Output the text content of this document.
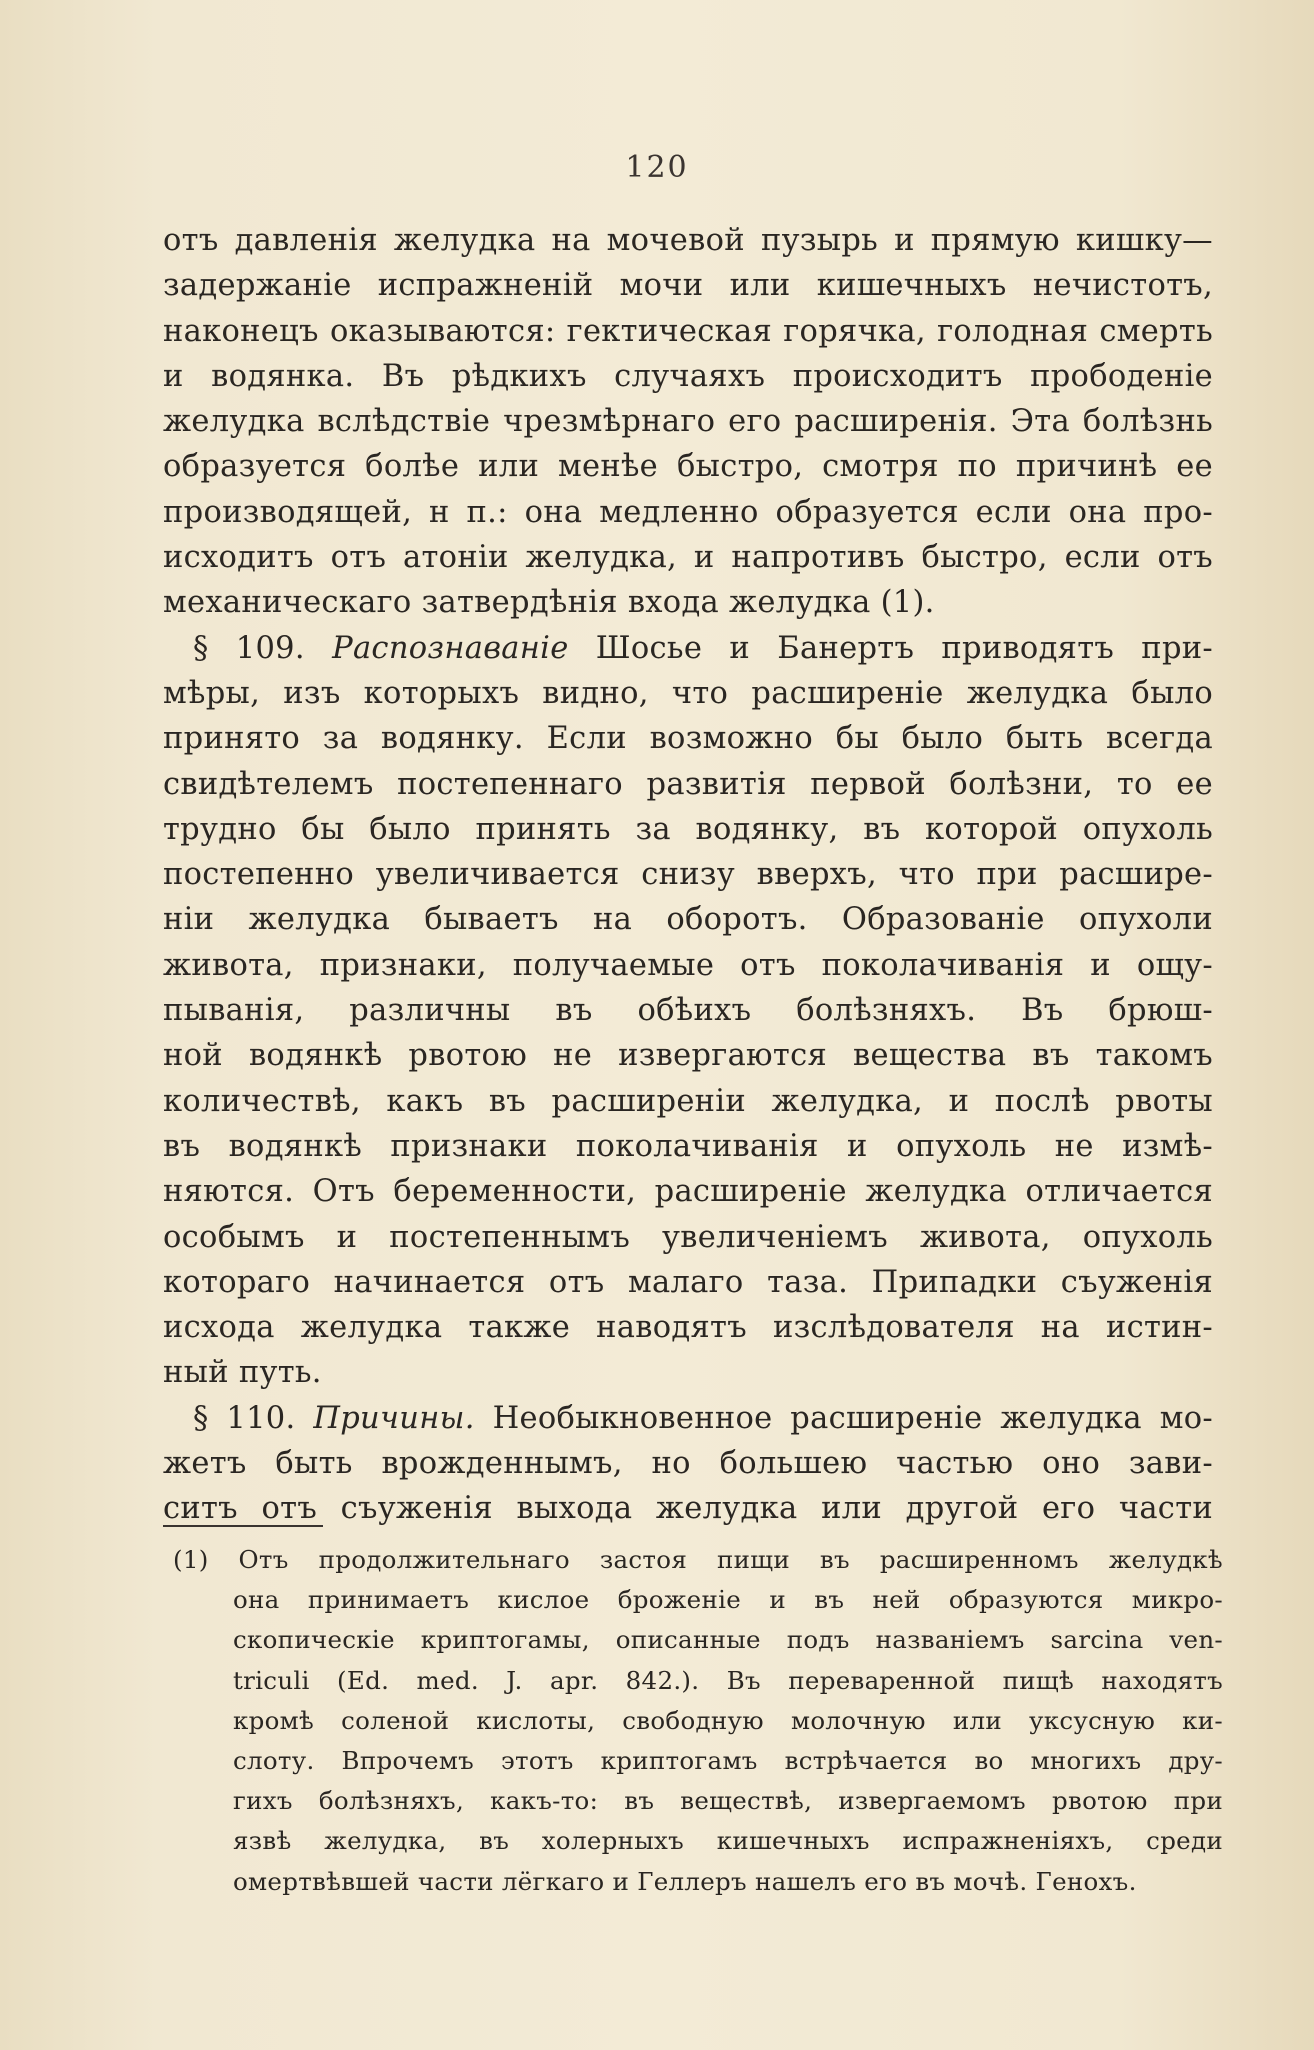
120
отъ давленія желудка на мочевой пузырь и прямую кишку—
задержаніе испражненій мочи или кишечныхъ нечистотъ,
наконецъ оказываются: гектическая горячка, голодная смерть
и водянка. Въ рѣдкихъ случаяхъ происходитъ прободеніе
желудка вслѣдствіе чрезмѣрнаго его расширенія. Эта болѣзнь
образуется болѣе или менѣе быстро, смотря по причинѣ ее
производящей, н п.: она медленно образуется если она про-
исходитъ отъ атоніи желудка, и напротивъ быстро, если отъ
механическаго затвердѣнія входа желудка (1).
§ 109. Распознаваніе Шосье и Банертъ приводятъ при-
мѣры, изъ которыхъ видно, что расширеніе желудка было
принято за водянку. Если возможно бы было быть всегда
свидѣтелемъ постепеннаго развитія первой болѣзни, то ее
трудно бы было принять за водянку, въ которой опухоль
постепенно увеличивается снизу вверхъ, что при расшире-
ніи желудка бываетъ на оборотъ. Образованіе опухоли
живота, признаки, получаемые отъ поколачиванія и ощу-
пыванія, различны въ обѣихъ болѣзняхъ. Въ брюш-
ной водянкѣ рвотою не извергаются вещества въ такомъ
количествѣ, какъ въ расширеніи желудка, и послѣ рвоты
въ водянкѣ признаки поколачиванія и опухоль не измѣ-
няются. Отъ беременности, расширеніе желудка отличается
особымъ и постепеннымъ увеличеніемъ живота, опухоль
котораго начинается отъ малаго таза. Припадки съуженія
исхода желудка также наводятъ изслѣдователя на истин-
ный путь.
§ 110. Причины. Необыкновенное расширеніе желудка мо-
жетъ быть врожденнымъ, но большею частью оно зави-
ситъ отъ съуженія выхода желудка или другой его части
(1) Отъ продолжительнаго застоя пищи въ расширенномъ желудкѣ
она принимаетъ кислое броженіе и въ ней образуются микро-
скопическіе криптогамы, описанные подъ названіемъ sarcina ven-
triculi (Ed. med. J. apr. 842.). Въ переваренной пищѣ находятъ
кромѣ соленой кислоты, свободную молочную или уксусную ки-
слоту. Впрочемъ этотъ криптогамъ встрѣчается во многихъ дру-
гихъ болѣзняхъ, какъ-то: въ веществѣ, извергаемомъ рвотою при
язвѣ желудка, въ холерныхъ кишечныхъ испражненіяхъ, среди
омертвѣвшей части лёгкаго и Геллеръ нашелъ его въ мочѣ. Генохъ.
